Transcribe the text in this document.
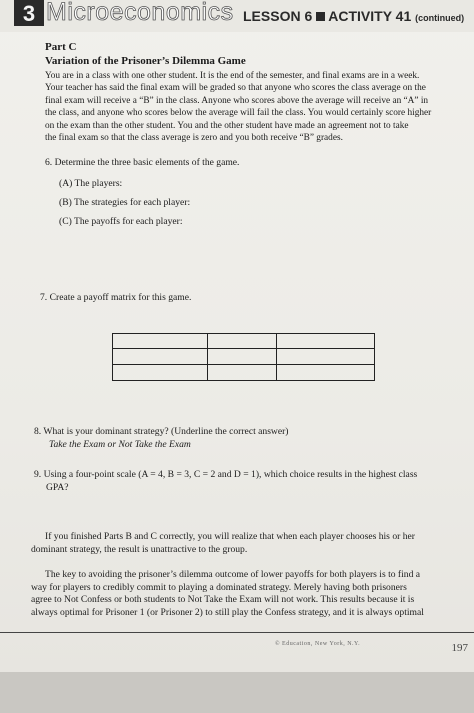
3 Microeconomics LESSON 6 ACTIVITY 41 (continued)
Part C
Variation of the Prisoner’s Dilemma Game
You are in a class with one other student. It is the end of the semester, and final exams are in a week.
Your teacher has said the final exam will be graded so that anyone who scores the class average on the
final exam will receive a “B” in the class. Anyone who scores above the average will receive an “A” in
the class, and anyone who scores below the average will fail the class. You would certainly score higher
on the exam than the other student. You and the other student have made an agreement not to take
the final exam so that the class average is zero and you both receive “B” grades.
6. Determine the three basic elements of the game.
(A) The players:
(B) The strategies for each player:
(C) The payoffs for each player:
7. Create a payoff matrix for this game.
8. What is your dominant strategy? (Underline the correct answer)
Take the Exam or Not Take the Exam
9. Using a four-point scale (A = 4, B = 3, C = 2 and D = 1), which choice results in the highest class
GPA?
If you finished Parts B and C correctly, you will realize that when each player chooses his or her
dominant strategy, the result is unattractive to the group.
The key to avoiding the prisoner’s dilemma outcome of lower payoffs for both players is to find a
way for players to credibly commit to playing a dominated strategy. Merely having both prisoners
agree to Not Confess or both students to Not Take the Exam will not work. This results because it is
always optimal for Prisoner 1 (or Prisoner 2) to still play the Confess strategy, and it is always optimal
© Education, New York, N.Y.	197
